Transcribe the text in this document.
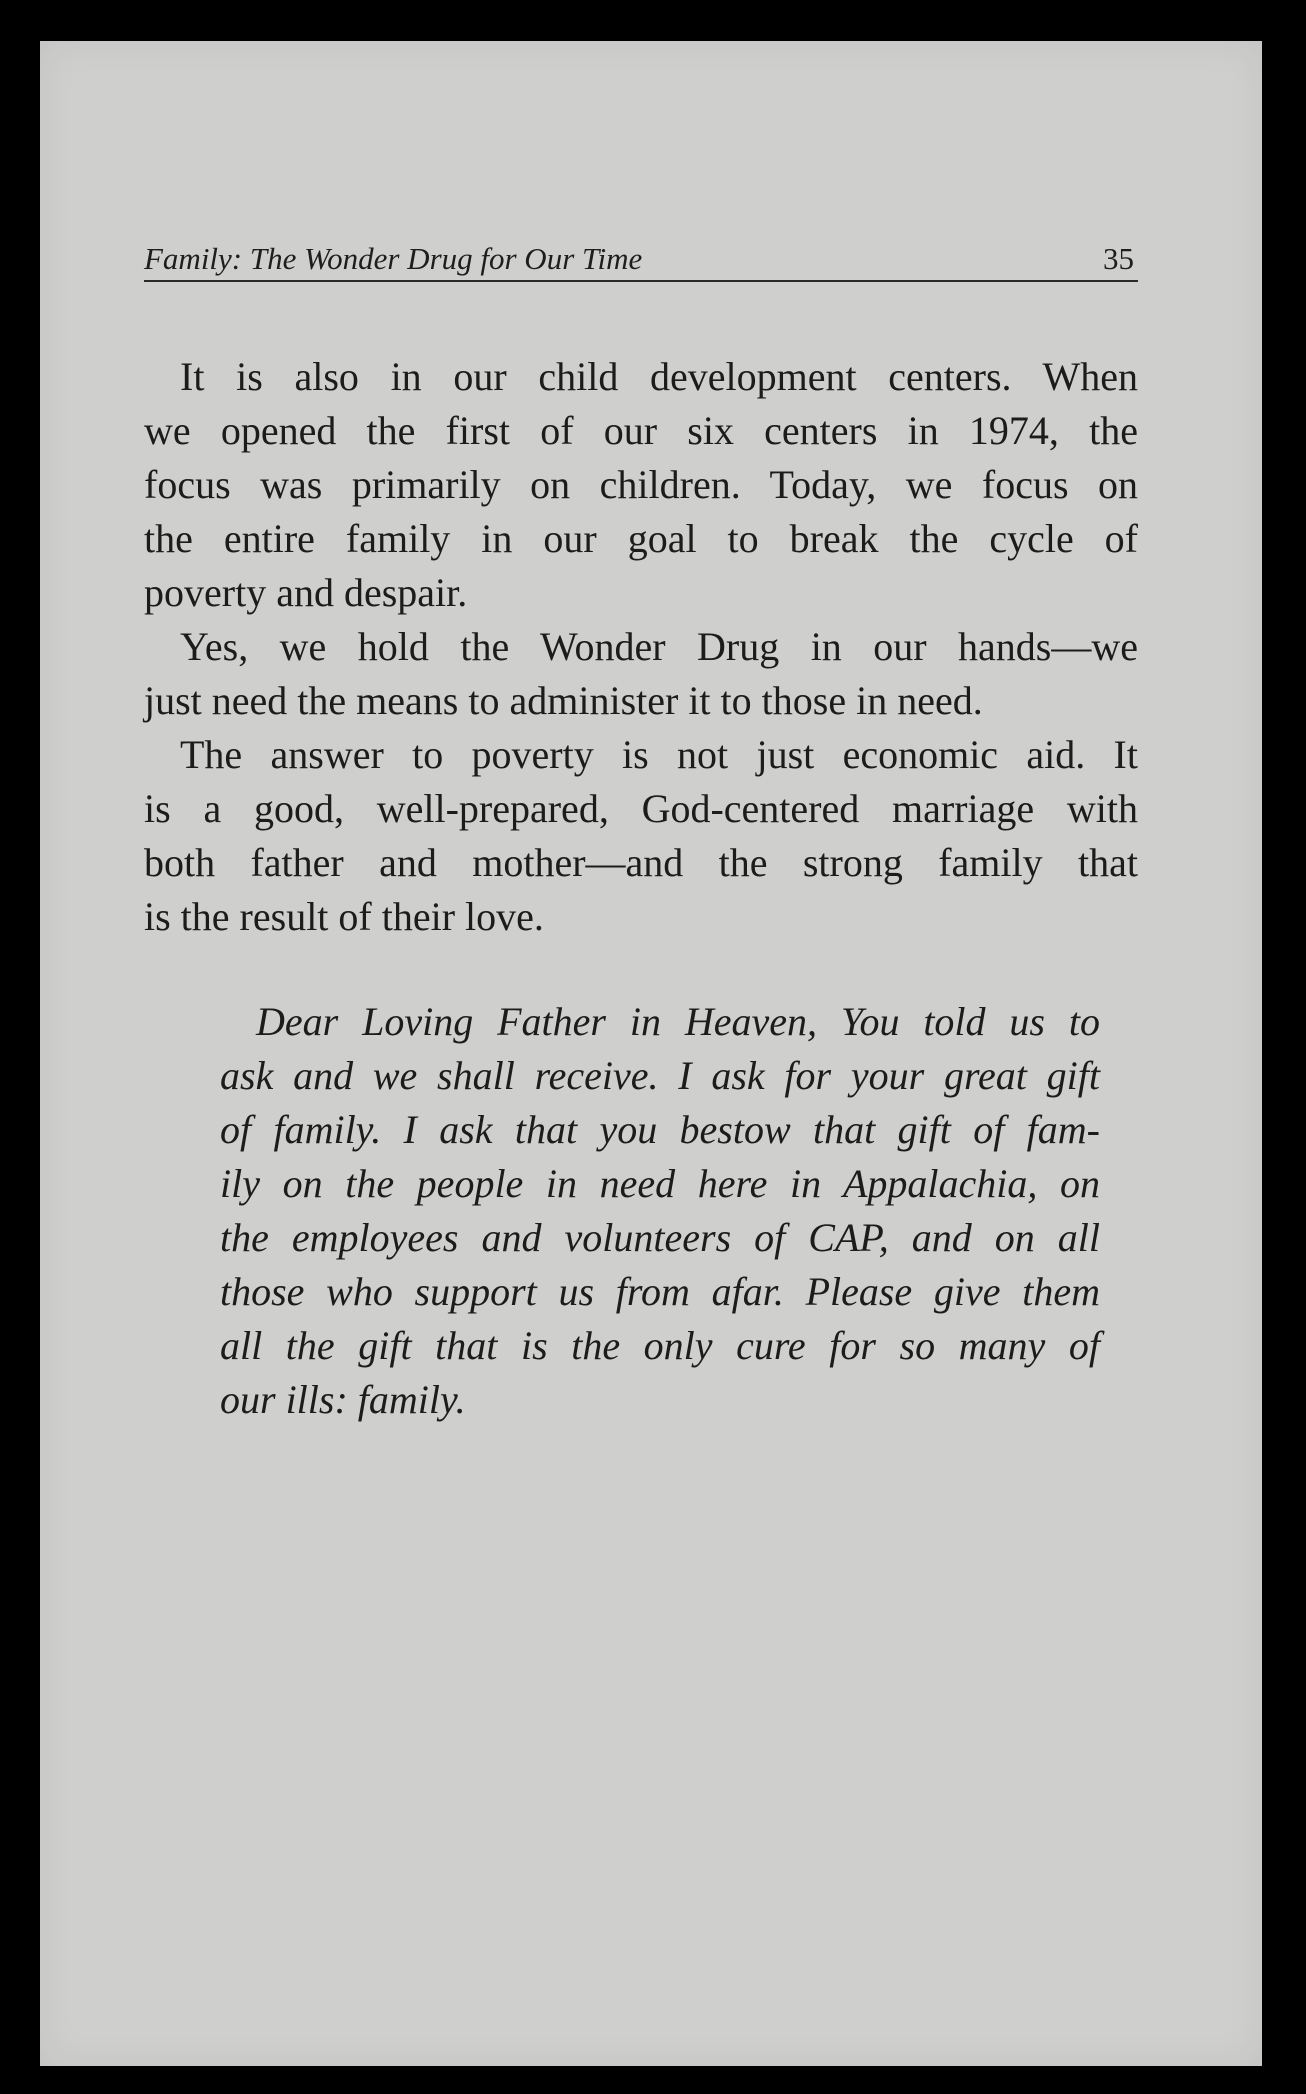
Family: The Wonder Drug for Our Time	35
It is also in our child development centers. When
we opened the first of our six centers in 1974, the
focus was primarily on children. Today, we focus on
the entire family in our goal to break the cycle of
poverty and despair.
Yes, we hold the Wonder Drug in our hands—we
just need the means to administer it to those in need.
The answer to poverty is not just economic aid. It
is a good, well-prepared, God-centered marriage with
both father and mother—and the strong family that
is the result of their love.
Dear Loving Father in Heaven, You told us to
ask and we shall receive. I ask for your great gift
of family. I ask that you bestow that gift of fam-
ily on the people in need here in Appalachia, on
the employees and volunteers of CAP, and on all
those who support us from afar. Please give them
all the gift that is the only cure for so many of
our ills: family.
